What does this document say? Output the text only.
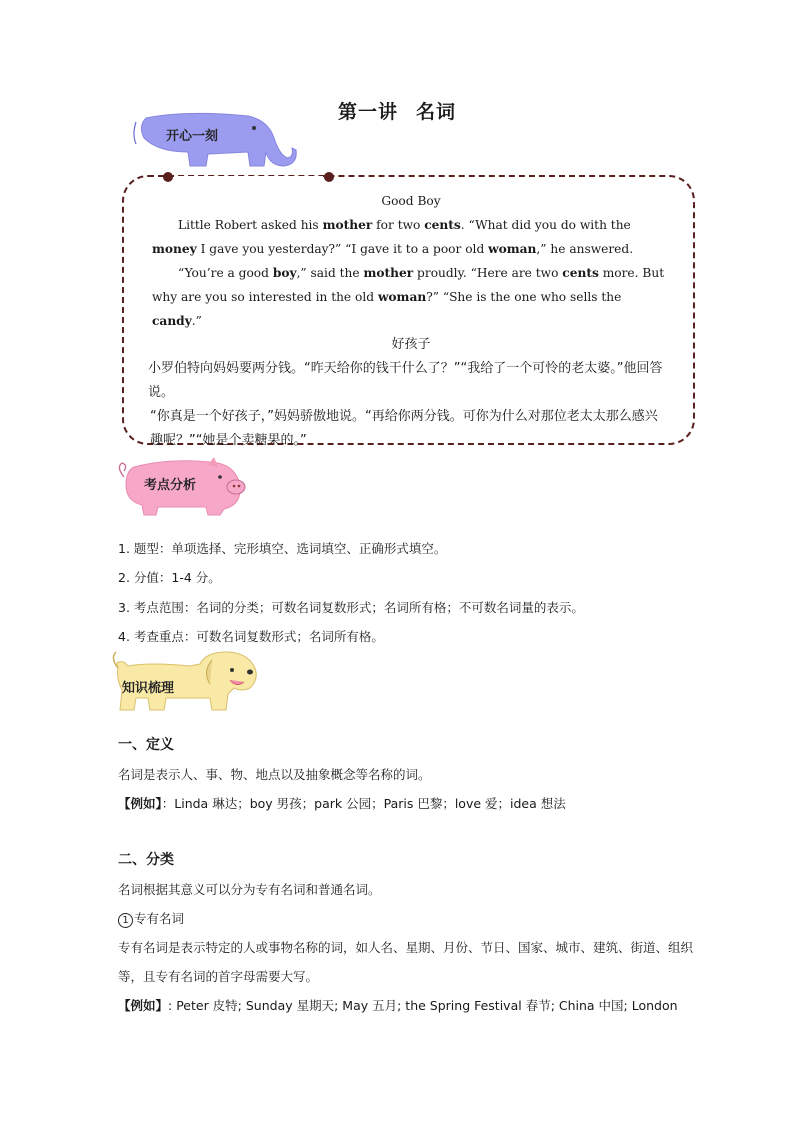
第一讲 名词
开心一刻

Good Boy

Little Robert asked his mother for two cents. “What did you do with the money I gave you yesterday?” “I gave it to a poor old woman,” he answered.

“You’re a good boy,” said the mother proudly. “Here are two cents more. But why are you so interested in the old woman?” “She is the one who sells the candy.”

好孩子

小罗伯特向妈妈要两分钱。“昨天给你的钱干什么了？”“我给了一个可怜的老太婆。”他回答说。

“你真是一个好孩子，”妈妈骄傲地说。“再给你两分钱。可你为什么对那位老太太那么感兴趣呢？”“她是个卖糖果的。”

考点分析
1. 题型：单项选择、完形填空、选词填空、正确形式填空。
2. 分值：1-4 分。
3. 考点范围：名词的分类；可数名词复数形式；名词所有格；不可数名词量的表示。
4. 考查重点：可数名词复数形式；名词所有格。
知识梳理
一、定义
名词是表示人、事、物、地点以及抽象概念等名称的词。
【例如】：Linda 琳达；boy 男孩；park 公园；Paris 巴黎；love 爱；idea 想法
二、分类
名词根据其意义可以分为专有名词和普通名词。
1 专有名词
专有名词是表示特定的人或事物名称的词，如人名、星期、月份、节日、国家、城市、建筑、街道、组织等，且专有名词的首字母需要大写。
【例如】: Peter 皮特; Sunday 星期天; May 五月; the Spring Festival 春节; China 中国; London
